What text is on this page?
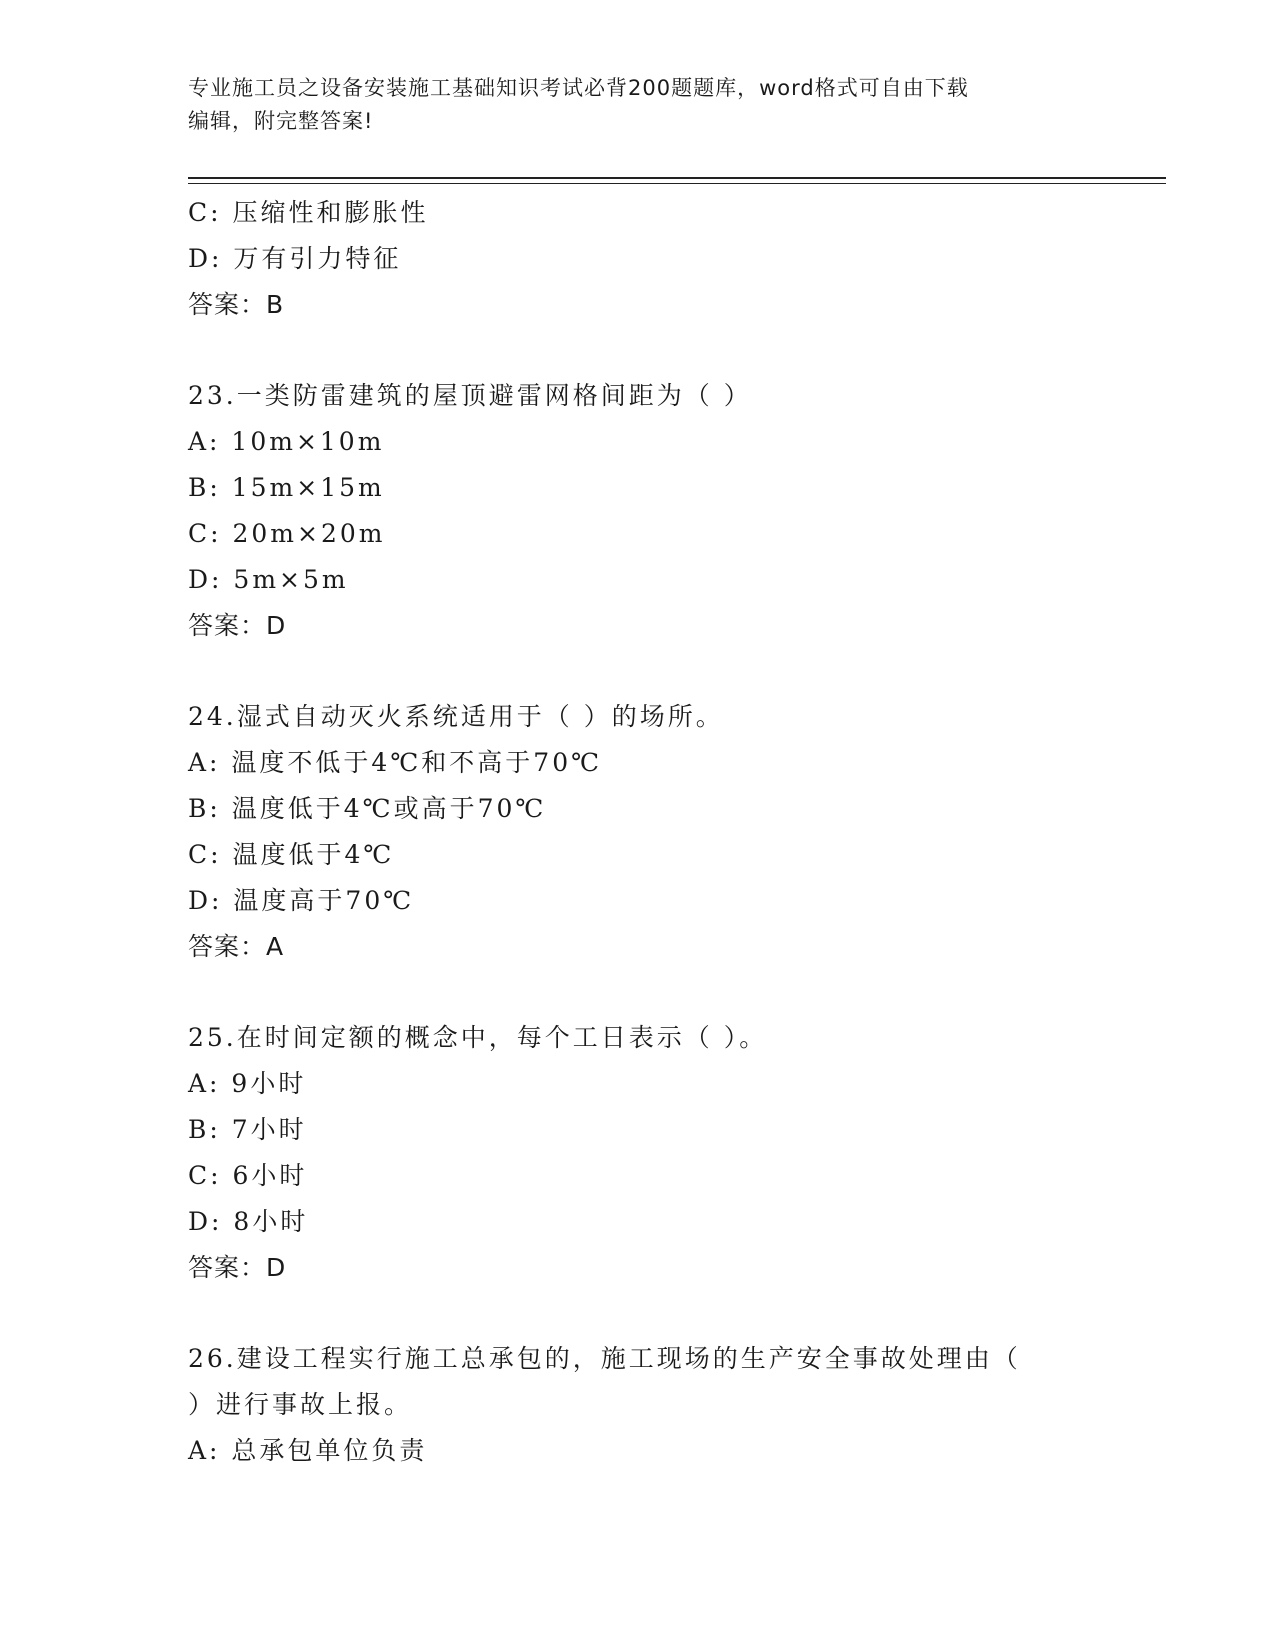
专业施工员之设备安装施工基础知识考试必背200题题库，word格式可自由下载
编辑，附完整答案!
C: 压缩性和膨胀性
D: 万有引力特征
答案：B
23.一类防雷建筑的屋顶避雷网格间距为（ ）
A: 10m×10m
B: 15m×15m
C: 20m×20m
D: 5m×5m
答案：D
24.湿式自动灭火系统适用于（ ）的场所。
A: 温度不低于4℃和不高于70℃
B: 温度低于4℃或高于70℃
C: 温度低于4℃
D: 温度高于70℃
答案：A
25.在时间定额的概念中，每个工日表示（ ）。
A: 9小时
B: 7小时
C: 6小时
D: 8小时
答案：D
26.建设工程实行施工总承包的，施工现场的生产安全事故处理由（
）进行事故上报。
A: 总承包单位负责
